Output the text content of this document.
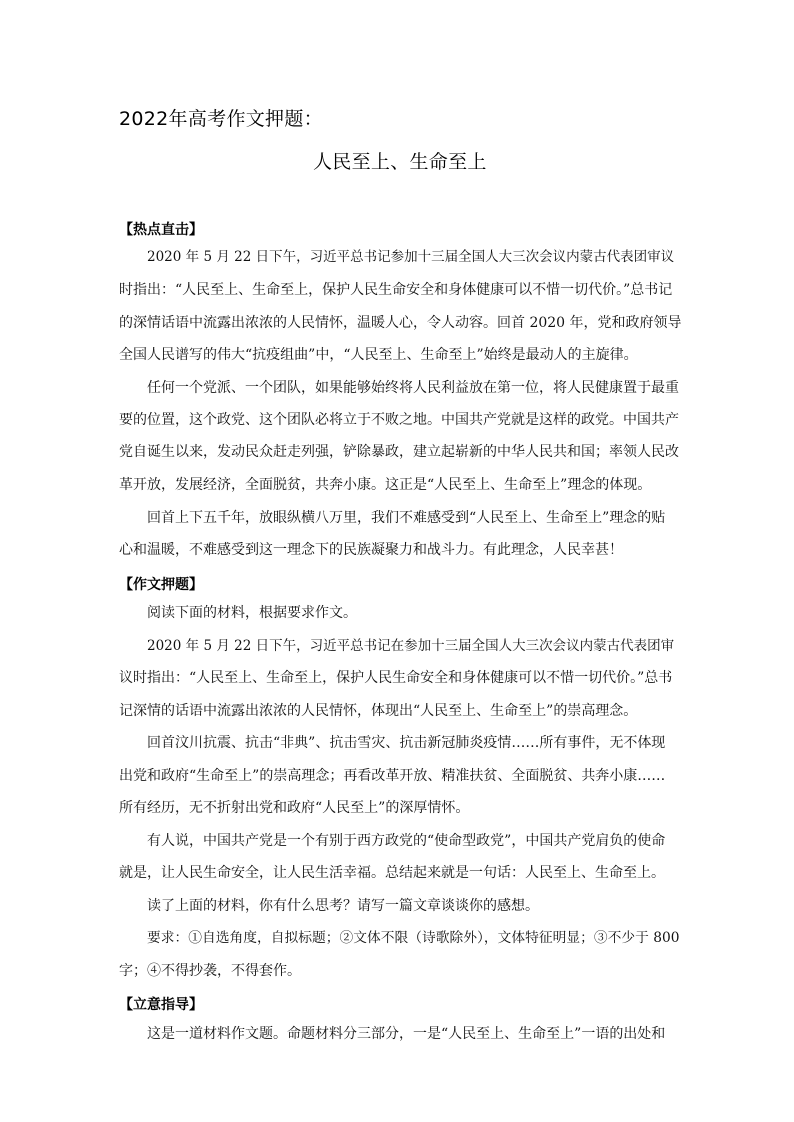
2022年高考作文押题：
人民至上、生命至上
【热点直击】
2020 年 5 月 22 日下午，习近平总书记参加十三届全国人大三次会议内蒙古代表团审议
时指出：“人民至上、生命至上，保护人民生命安全和身体健康可以不惜一切代价。”总书记
的深情话语中流露出浓浓的人民情怀，温暖人心，令人动容。回首 2020 年，党和政府领导
全国人民谱写的伟大“抗疫组曲”中，“人民至上、生命至上”始终是最动人的主旋律。
任何一个党派、一个团队，如果能够始终将人民利益放在第一位，将人民健康置于最重
要的位置，这个政党、这个团队必将立于不败之地。中国共产党就是这样的政党。中国共产
党自诞生以来，发动民众赶走列强，铲除暴政，建立起崭新的中华人民共和国；率领人民改
革开放，发展经济，全面脱贫，共奔小康。这正是“人民至上、生命至上”理念的体现。
回首上下五千年，放眼纵横八万里，我们不难感受到“人民至上、生命至上”理念的贴
心和温暖，不难感受到这一理念下的民族凝聚力和战斗力。有此理念，人民幸甚！
【作文押题】
阅读下面的材料，根据要求作文。
2020 年 5 月 22 日下午，习近平总书记在参加十三届全国人大三次会议内蒙古代表团审
议时指出：“人民至上、生命至上，保护人民生命安全和身体健康可以不惜一切代价。”总书
记深情的话语中流露出浓浓的人民情怀，体现出“人民至上、生命至上”的崇高理念。
回首汶川抗震、抗击“非典”、抗击雪灾、抗击新冠肺炎疫情……所有事件，无不体现
出党和政府“生命至上”的崇高理念；再看改革开放、精准扶贫、全面脱贫、共奔小康……
所有经历，无不折射出党和政府“人民至上”的深厚情怀。
有人说，中国共产党是一个有别于西方政党的“使命型政党”，中国共产党肩负的使命
就是，让人民生命安全，让人民生活幸福。总结起来就是一句话：人民至上、生命至上。
读了上面的材料，你有什么思考？请写一篇文章谈谈你的感想。
要求：①自选角度，自拟标题；②文体不限（诗歌除外），文体特征明显；③不少于 800
字；④不得抄袭，不得套作。
【立意指导】
这是一道材料作文题。命题材料分三部分，一是“人民至上、生命至上”一语的出处和
